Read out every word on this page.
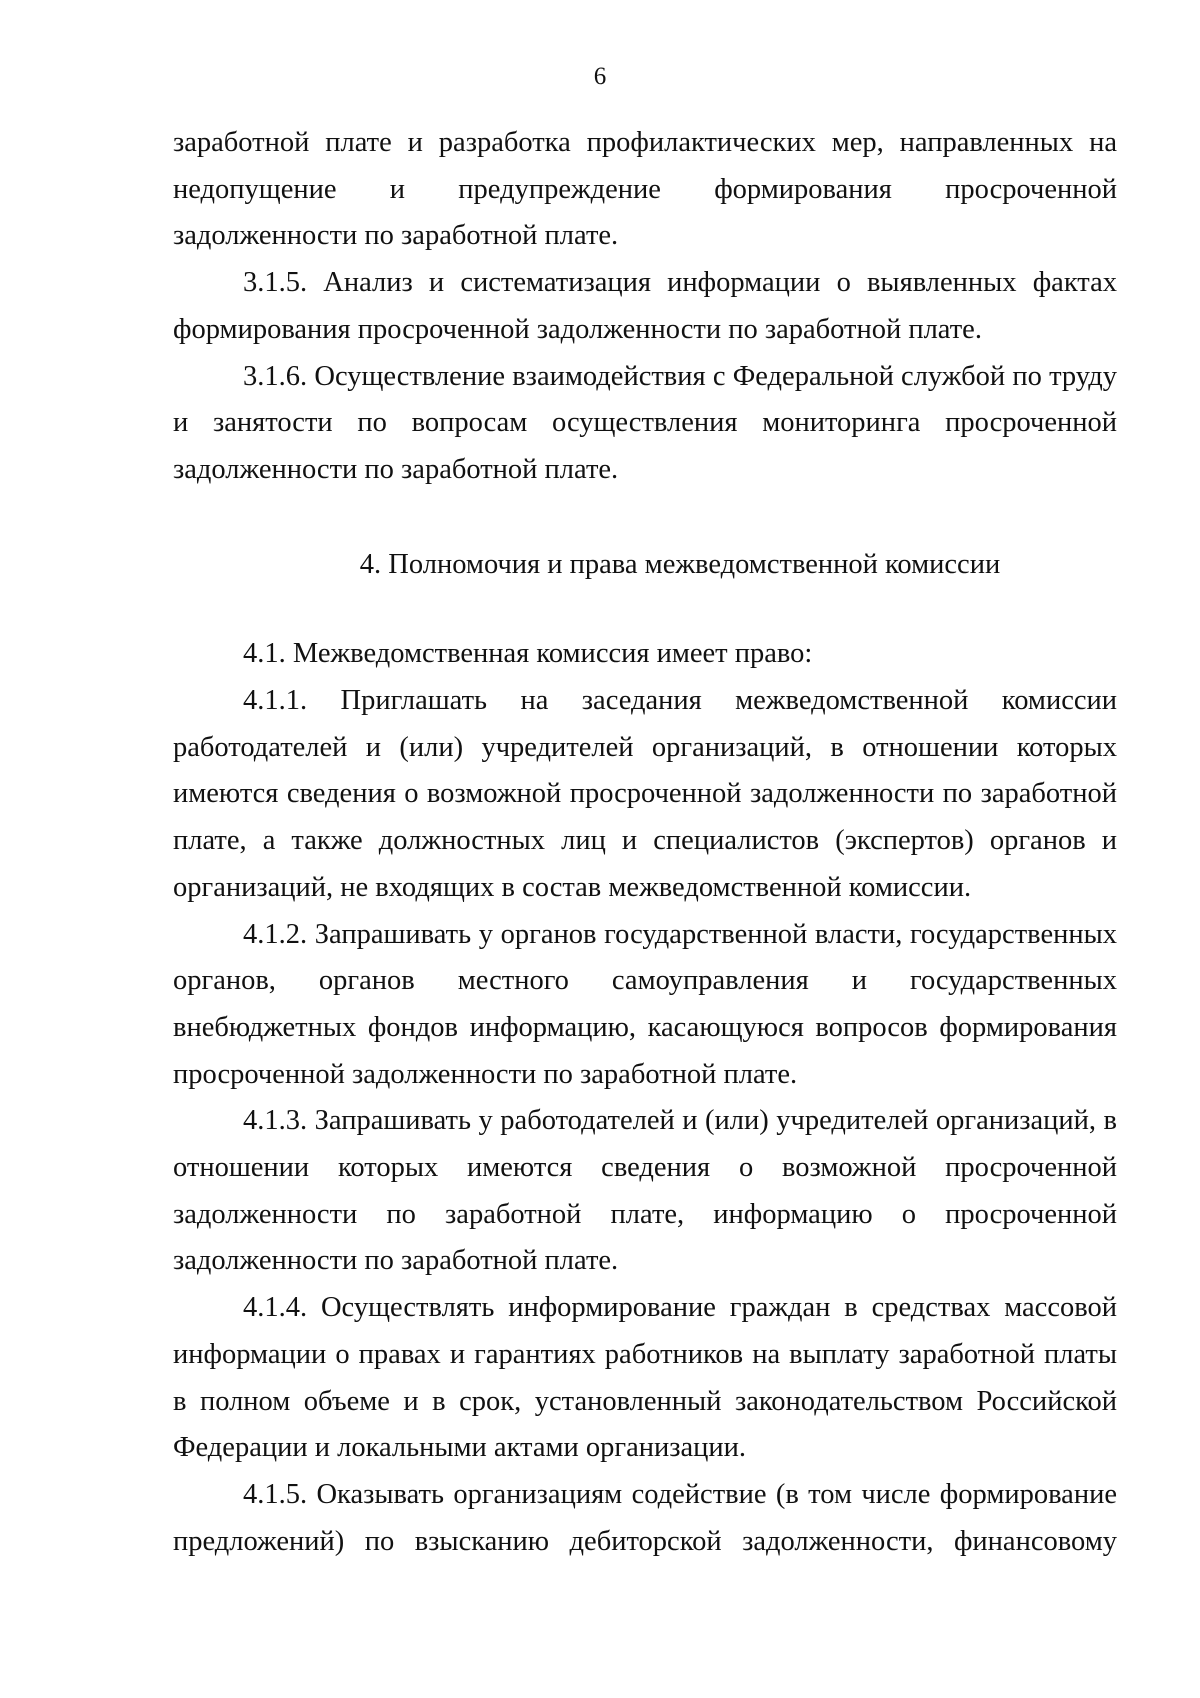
6

заработной плате и разработка профилактических мер, направленных на недопущение и предупреждение формирования просроченной задолженности по заработной плате.

3.1.5. Анализ и систематизация информации о выявленных фактах формирования просроченной задолженности по заработной плате.

3.1.6. Осуществление взаимодействия с Федеральной службой по труду и занятости по вопросам осуществления мониторинга просроченной задолженности по заработной плате.

4. Полномочия и права межведомственной комиссии

4.1. Межведомственная комиссия имеет право:

4.1.1. Приглашать на заседания межведомственной комиссии работодателей и (или) учредителей организаций, в отношении которых имеются сведения о возможной просроченной задолженности по заработной плате, а также должностных лиц и специалистов (экспертов) органов и организаций, не входящих в состав межведомственной комиссии.

4.1.2. Запрашивать у органов государственной власти, государственных органов, органов местного самоуправления и государственных внебюджетных фондов информацию, касающуюся вопросов формирования просроченной задолженности по заработной плате.

4.1.3. Запрашивать у работодателей и (или) учредителей организаций, в отношении которых имеются сведения о возможной просроченной задолженности по заработной плате, информацию о просроченной задолженности по заработной плате.

4.1.4. Осуществлять информирование граждан в средствах массовой информации о правах и гарантиях работников на выплату заработной платы в полном объеме и в срок, установленный законодательством Российской Федерации и локальными актами организации.

4.1.5. Оказывать организациям содействие (в том числе формирование предложений) по взысканию дебиторской задолженности, финансовому
